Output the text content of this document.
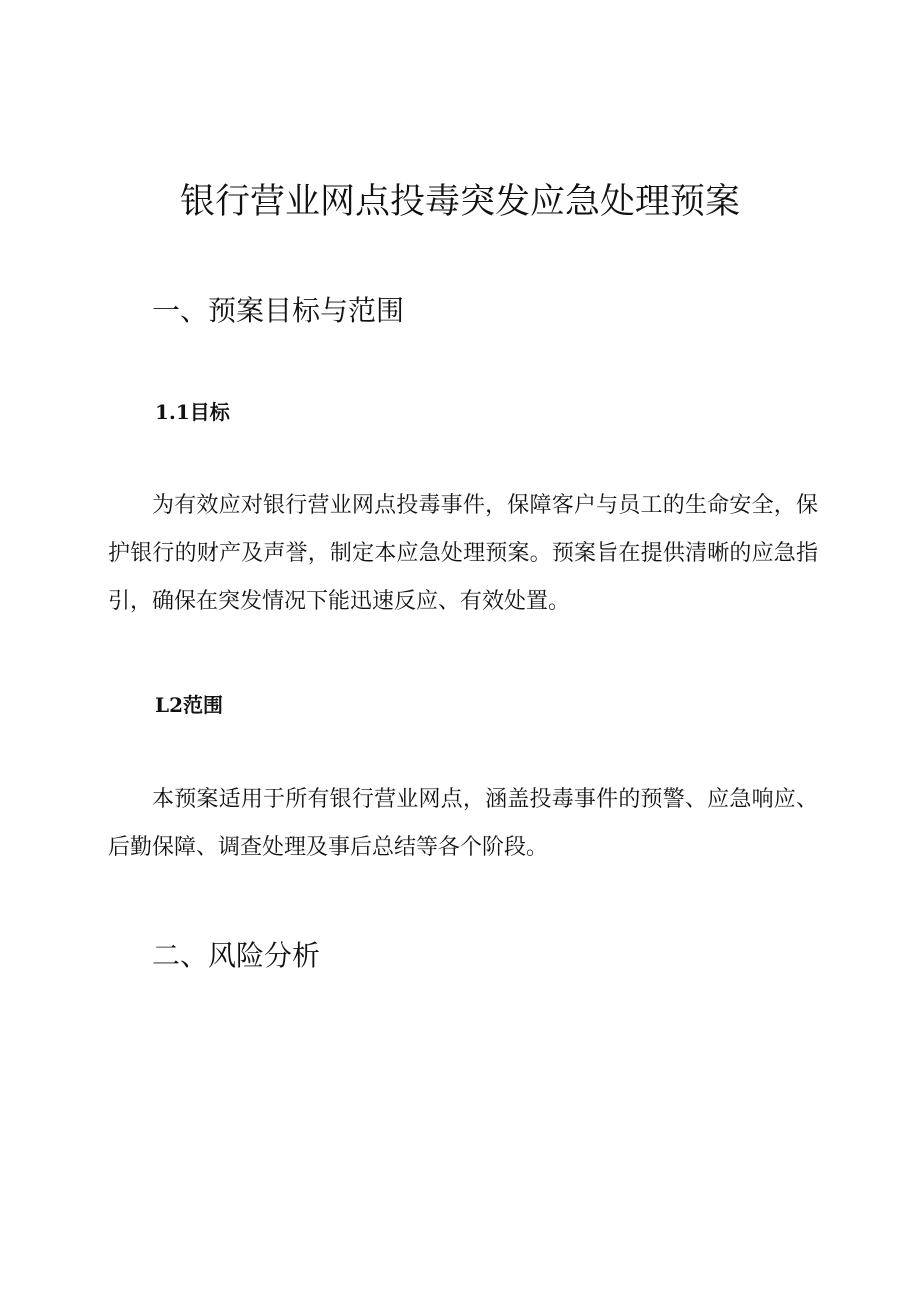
银行营业网点投毒突发应急处理预案
一、预案目标与范围
1.1目标

为有效应对银行营业网点投毒事件，保障客户与员工的生命安全，保护银行的财产及声誉，制定本应急处理预案。预案旨在提供清晰的应急指引，确保在突发情况下能迅速反应、有效处置。

L2范围

本预案适用于所有银行营业网点，涵盖投毒事件的预警、应急响应、后勤保障、调查处理及事后总结等各个阶段。

二、风险分析
